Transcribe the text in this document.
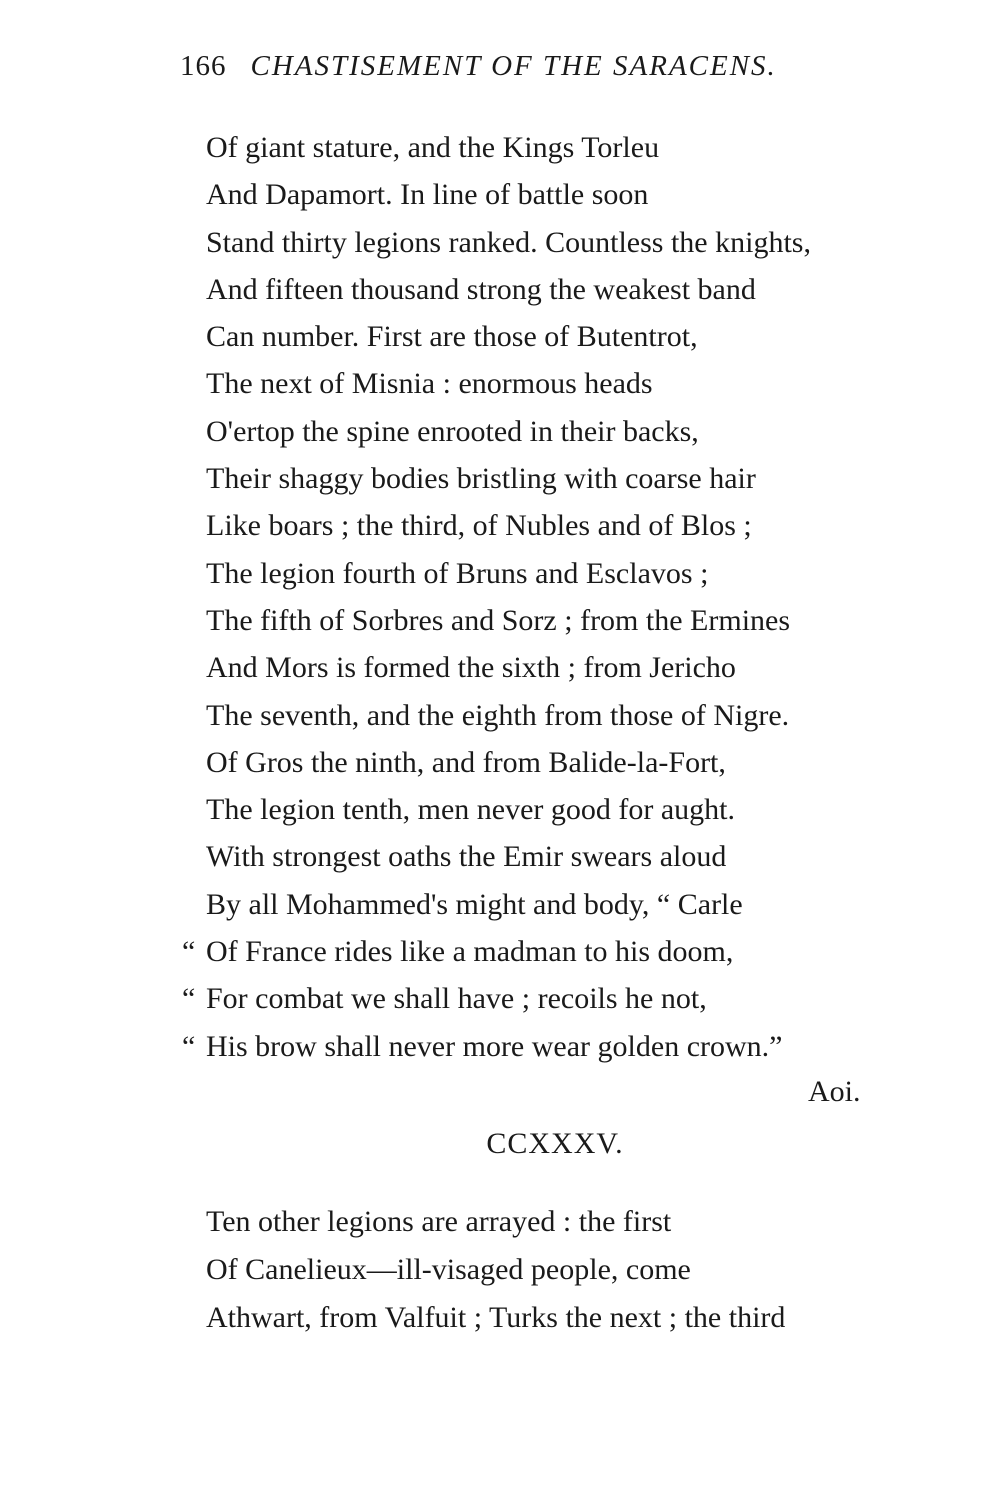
166 CHASTISEMENT OF THE SARACENS.
Of giant stature, and the Kings Torleu
And Dapamort. In line of battle soon
Stand thirty legions ranked. Countless the knights,
And fifteen thousand strong the weakest band
Can number. First are those of Butentrot,
The next of Misnia : enormous heads
O'ertop the spine enrooted in their backs,
Their shaggy bodies bristling with coarse hair
Like boars ; the third, of Nubles and of Blos ;
The legion fourth of Bruns and Esclavos ;
The fifth of Sorbres and Sorz ; from the Ermines
And Mors is formed the sixth ; from Jericho
The seventh, and the eighth from those of Nigre.
Of Gros the ninth, and from Balide-la-Fort,
The legion tenth, men never good for aught.
With strongest oaths the Emir swears aloud
By all Mohammed's might and body, “ Carle
“ Of France rides like a madman to his doom,
“ For combat we shall have ; recoils he not,
“ His brow shall never more wear golden crown.”
Aoi.
CCXXXV.
Ten other legions are arrayed : the first
Of Canelieux—ill-visaged people, come
Athwart, from Valfuit ; Turks the next ; the third
